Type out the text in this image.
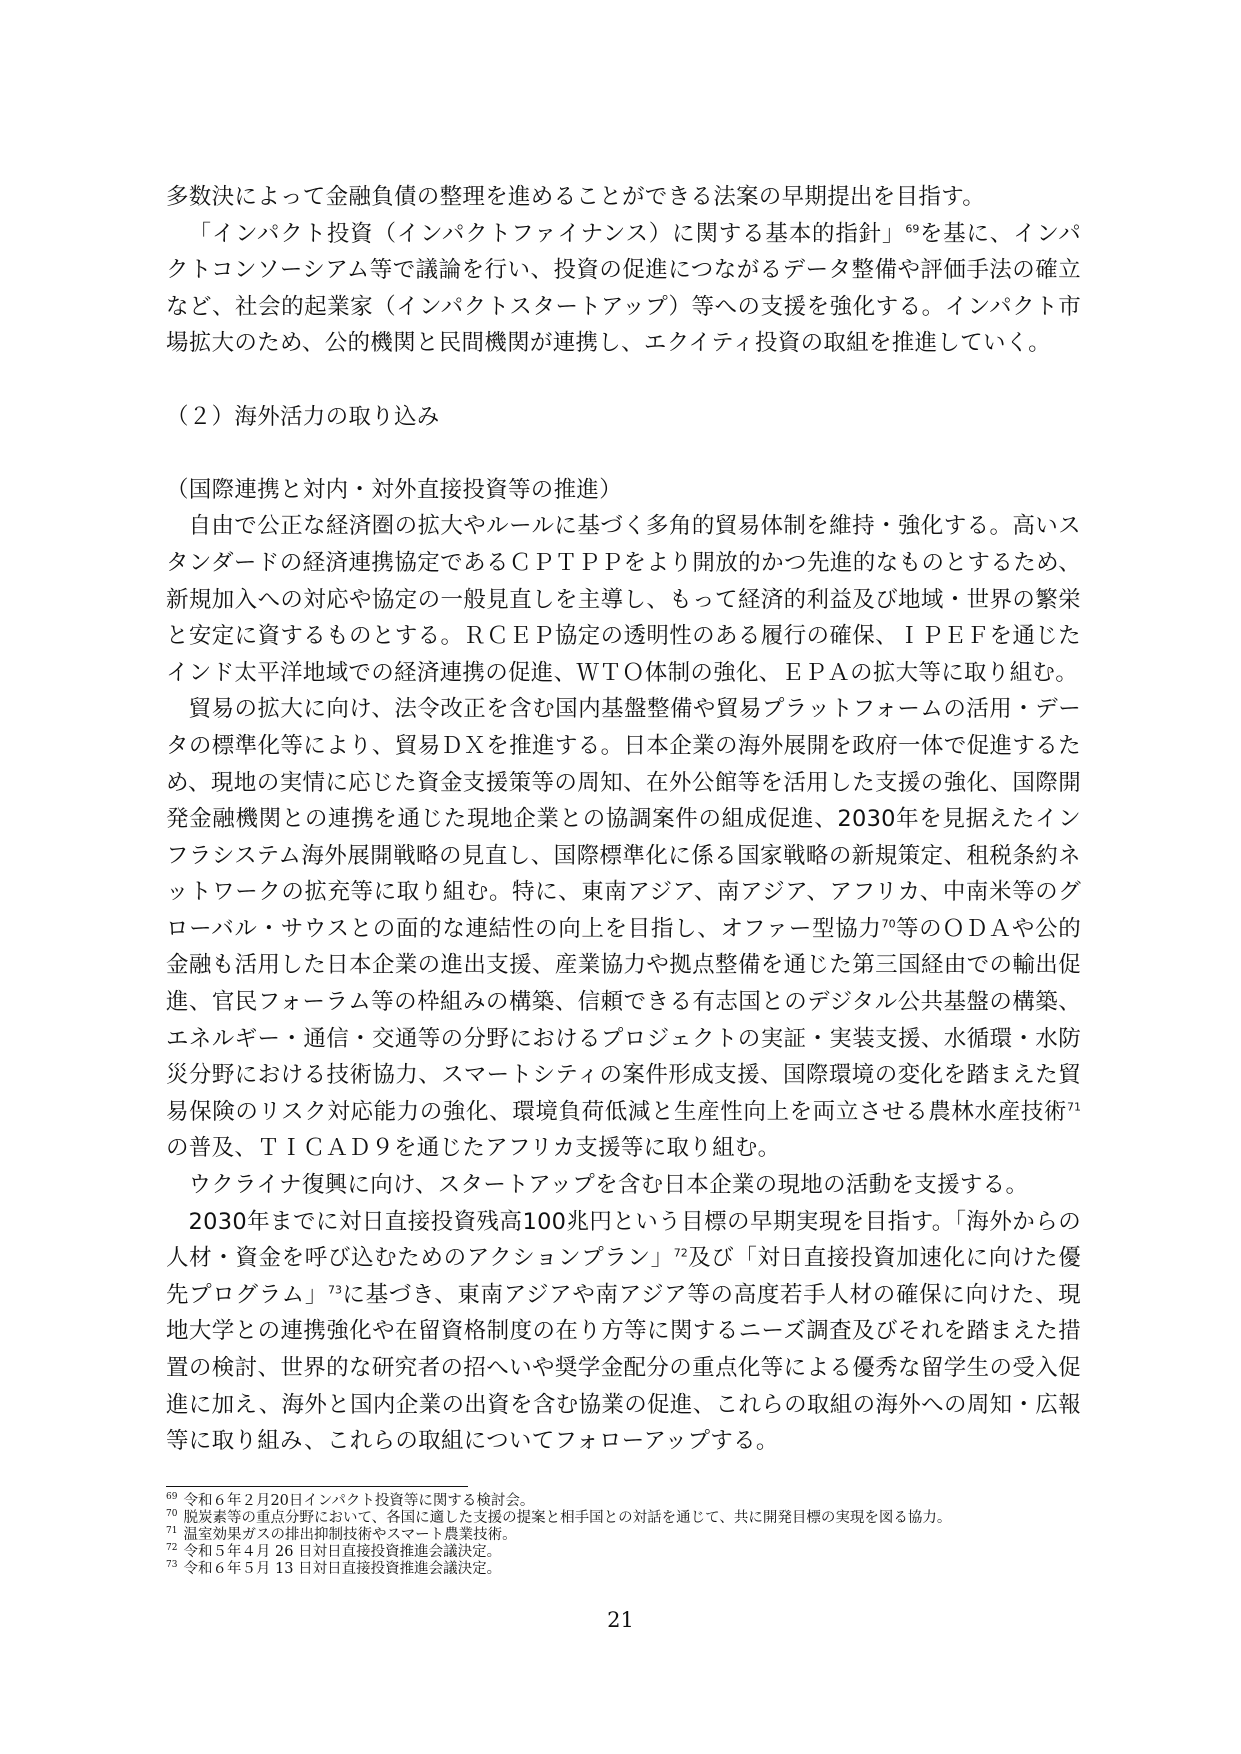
多数決によって金融負債の整理を進めることができる法案の早期提出を目指す。

「インパクト投資（インパクトファイナンス）に関する基本的指針」$^{69}$を基に、インパクトコンソーシアム等で議論を行い、投資の促進につながるデータ整備や評価手法の確立など、社会的起業家（インパクトスタートアップ）等への支援を強化する。インパクト市場拡大のため、公的機関と民間機関が連携し、エクイティ投資の取組を推進していく。

（２）海外活力の取り込み
（国際連携と対内・対外直接投資等の推進）

自由で公正な経済圏の拡大やルールに基づく多角的貿易体制を維持・強化する。高いスタンダードの経済連携協定であるＣＰＴＰＰをより開放的かつ先進的なものとするため、新規加入への対応や協定の一般見直しを主導し、もって経済的利益及び地域・世界の繁栄と安定に資するものとする。ＲＣＥＰ協定の透明性のある履行の確保、ＩＰＥＦを通じたインド太平洋地域での経済連携の促進、ＷＴＯ体制の強化、ＥＰＡの拡大等に取り組む。

貿易の拡大に向け、法令改正を含む国内基盤整備や貿易プラットフォームの活用・データの標準化等により、貿易ＤＸを推進する。日本企業の海外展開を政府一体で促進するため、現地の実情に応じた資金支援策等の周知、在外公館等を活用した支援の強化、国際開発金融機関との連携を通じた現地企業との協調案件の組成促進、2030年を見据えたインフラシステム海外展開戦略の見直し、国際標準化に係る国家戦略の新規策定、租税条約ネットワークの拡充等に取り組む。特に、東南アジア、南アジア、アフリカ、中南米等のグローバル・サウスとの面的な連結性の向上を目指し、オファー型協力$^{70}$等のＯＤＡや公的金融も活用した日本企業の進出支援、産業協力や拠点整備を通じた第三国経由での輸出促進、官民フォーラム等の枠組みの構築、信頼できる有志国とのデジタル公共基盤の構築、エネルギー・通信・交通等の分野におけるプロジェクトの実証・実装支援、水循環・水防災分野における技術協力、スマートシティの案件形成支援、国際環境の変化を踏まえた貿易保険のリスク対応能力の強化、環境負荷低減と生産性向上を両立させる農林水産技術$^{71}$の普及、ＴＩＣＡＤ９を通じたアフリカ支援等に取り組む。

ウクライナ復興に向け、スタートアップを含む日本企業の現地の活動を支援する。

2030年までに対日直接投資残高100兆円という目標の早期実現を目指す。「海外からの人材・資金を呼び込むためのアクションプラン」$^{72}$及び「対日直接投資加速化に向けた優先プログラム」$^{73}$に基づき、東南アジアや南アジア等の高度若手人材の確保に向けた、現地大学との連携強化や在留資格制度の在り方等に関するニーズ調査及びそれを踏まえた措置の検討、世界的な研究者の招へいや奨学金配分の重点化等による優秀な留学生の受入促進に加え、海外と国内企業の出資を含む協業の促進、これらの取組の海外への周知・広報等に取り組み、これらの取組についてフォローアップする。

$^{69}$ 令和６年２月20日インパクト投資等に関する検討会。
$^{70}$ 脱炭素等の重点分野において、各国に適した支援の提案と相手国との対話を通じて、共に開発目標の実現を図る協力。
$^{71}$ 温室効果ガスの排出抑制技術やスマート農業技術。
$^{72}$ 令和５年４月 26 日対日直接投資推進会議決定。
$^{73}$ 令和６年５月 13 日対日直接投資推進会議決定。
21
